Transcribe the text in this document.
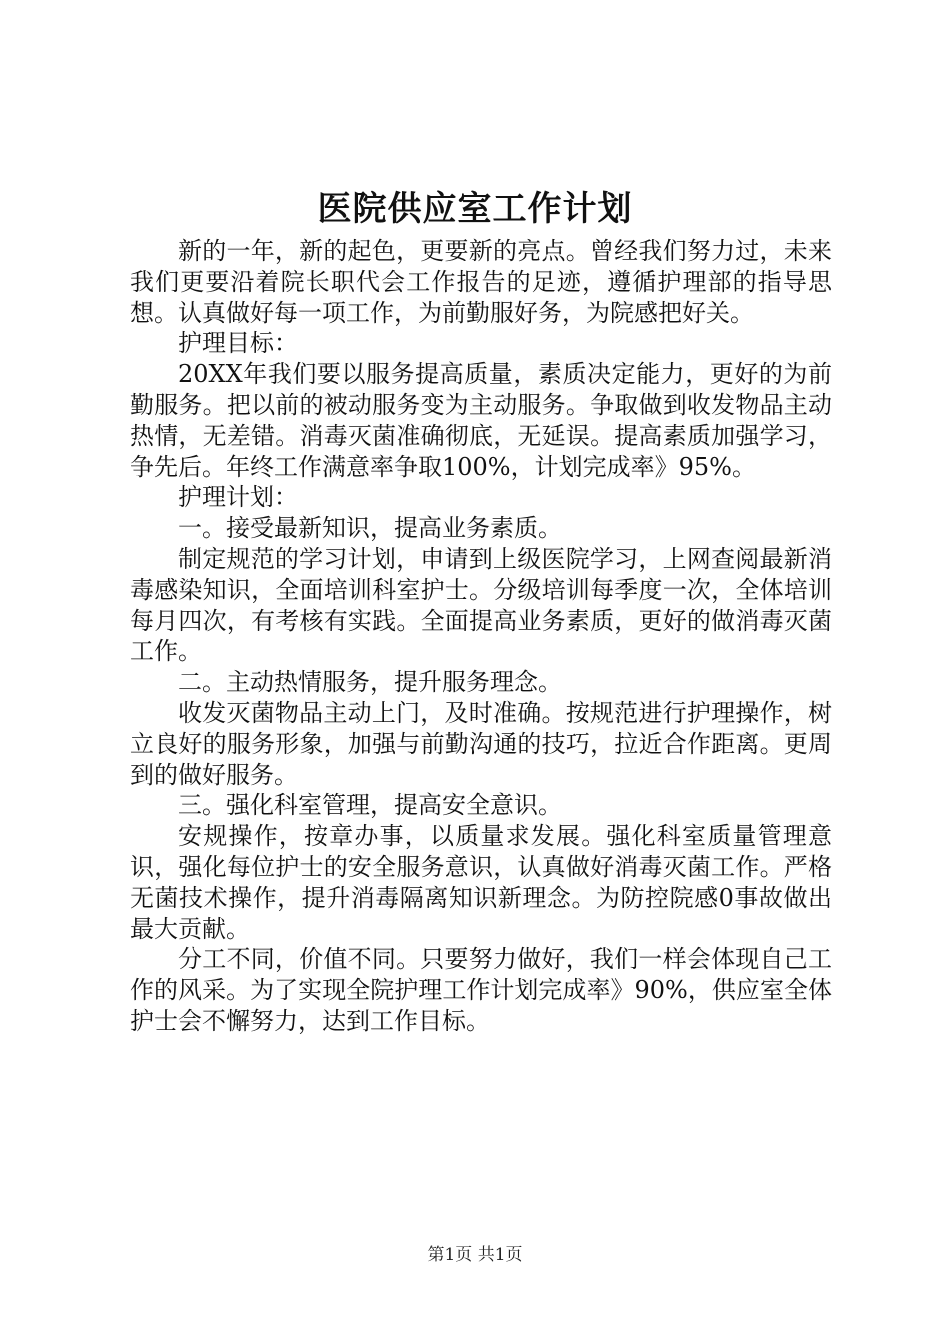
医院供应室工作计划

新的一年，新的起色，更要新的亮点。曾经我们努力过，未来我们更要沿着院长职代会工作报告的足迹，遵循护理部的指导思想。认真做好每一项工作，为前勤服好务，为院感把好关。

护理目标：

20XX年我们要以服务提高质量，素质决定能力，更好的为前勤服务。把以前的被动服务变为主动服务。争取做到收发物品主动热情，无差错。消毒灭菌准确彻底，无延误。提高素质加强学习，争先后。年终工作满意率争取100%，计划完成率》95%。

护理计划：

一。接受最新知识，提高业务素质。

制定规范的学习计划，申请到上级医院学习，上网查阅最新消毒感染知识，全面培训科室护士。分级培训每季度一次，全体培训每月四次，有考核有实践。全面提高业务素质，更好的做消毒灭菌工作。

二。主动热情服务，提升服务理念。

收发灭菌物品主动上门，及时准确。按规范进行护理操作，树立良好的服务形象，加强与前勤沟通的技巧，拉近合作距离。更周到的做好服务。

三。强化科室管理，提高安全意识。

安规操作，按章办事，以质量求发展。强化科室质量管理意识，强化每位护士的安全服务意识，认真做好消毒灭菌工作。严格无菌技术操作，提升消毒隔离知识新理念。为防控院感0事故做出最大贡献。

分工不同，价值不同。只要努力做好，我们一样会体现自己工作的风采。为了实现全院护理工作计划完成率》90%，供应室全体护士会不懈努力，达到工作目标。

第1页 共1页
